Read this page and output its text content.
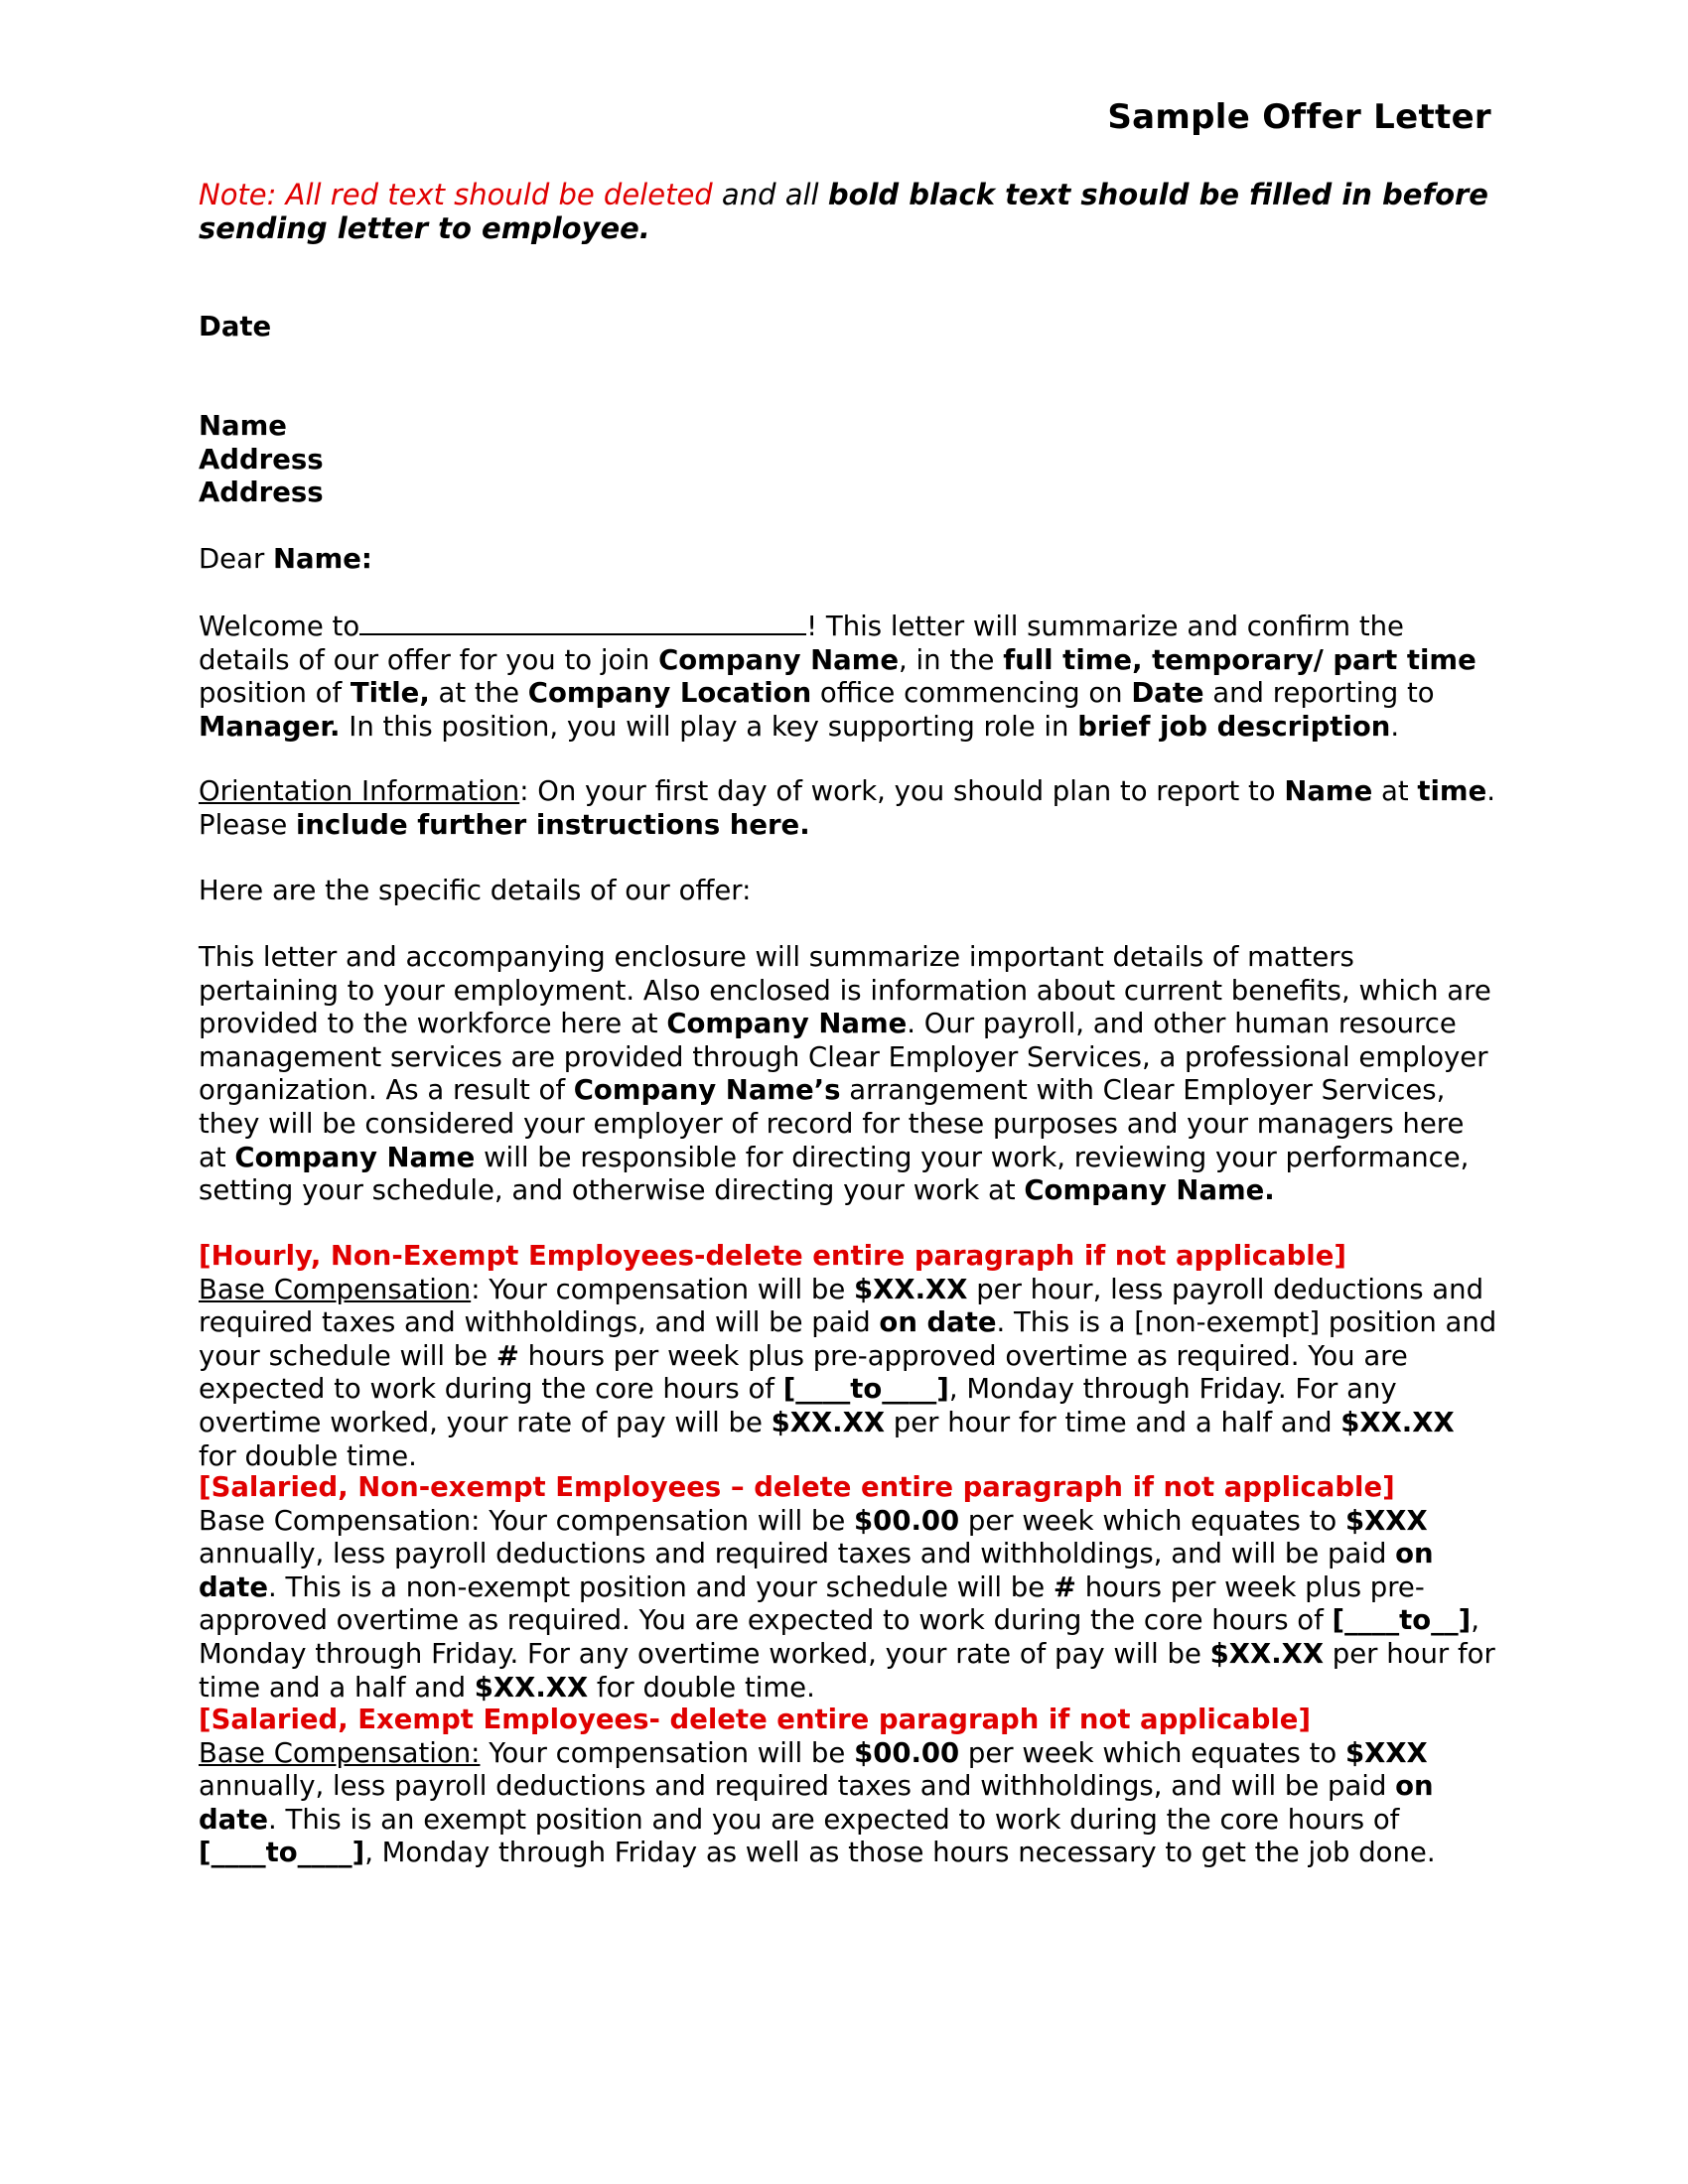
Sample Offer Letter

Note: All red text should be deleted and all bold black text should be filled in before sending letter to employee.

Date

Name
Address
Address

Dear Name:

Welcome to	! This letter will summarize and confirm the details of our offer for you to join Company Name, in the full time, temporary/ part time position of Title, at the Company Location office commencing on Date and reporting to Manager. In this position, you will play a key supporting role in brief job description.

Orientation Information: On your first day of work, you should plan to report to Name at time. Please include further instructions here.

Here are the specific details of our offer:

This letter and accompanying enclosure will summarize important details of matters pertaining to your employment. Also enclosed is information about current benefits, which are provided to the workforce here at Company Name. Our payroll, and other human resource management services are provided through Clear Employer Services, a professional employer organization. As a result of Company Name’s arrangement with Clear Employer Services, they will be considered your employer of record for these purposes and your managers here at Company Name will be responsible for directing your work, reviewing your performance, setting your schedule, and otherwise directing your work at Company Name.

[Hourly, Non-Exempt Employees-delete entire paragraph if not applicable]

Base Compensation: Your compensation will be $XX.XX per hour, less payroll deductions and required taxes and withholdings, and will be paid on date. This is a [non-exempt] position and your schedule will be # hours per week plus pre-approved overtime as required. You are expected to work during the core hours of [____to____], Monday through Friday. For any overtime worked, your rate of pay will be $XX.XX per hour for time and a half and $XX.XX for double time.

[Salaried, Non-exempt Employees – delete entire paragraph if not applicable]

Base Compensation: Your compensation will be $00.00 per week which equates to $XXX annually, less payroll deductions and required taxes and withholdings, and will be paid on date. This is a non-exempt position and your schedule will be # hours per week plus pre-approved overtime as required. You are expected to work during the core hours of [____to__], Monday through Friday. For any overtime worked, your rate of pay will be $XX.XX per hour for time and a half and $XX.XX for double time.

[Salaried, Exempt Employees- delete entire paragraph if not applicable]

Base Compensation: Your compensation will be $00.00 per week which equates to $XXX annually, less payroll deductions and required taxes and withholdings, and will be paid on date. This is an exempt position and you are expected to work during the core hours of [____to____], Monday through Friday as well as those hours necessary to get the job done.
